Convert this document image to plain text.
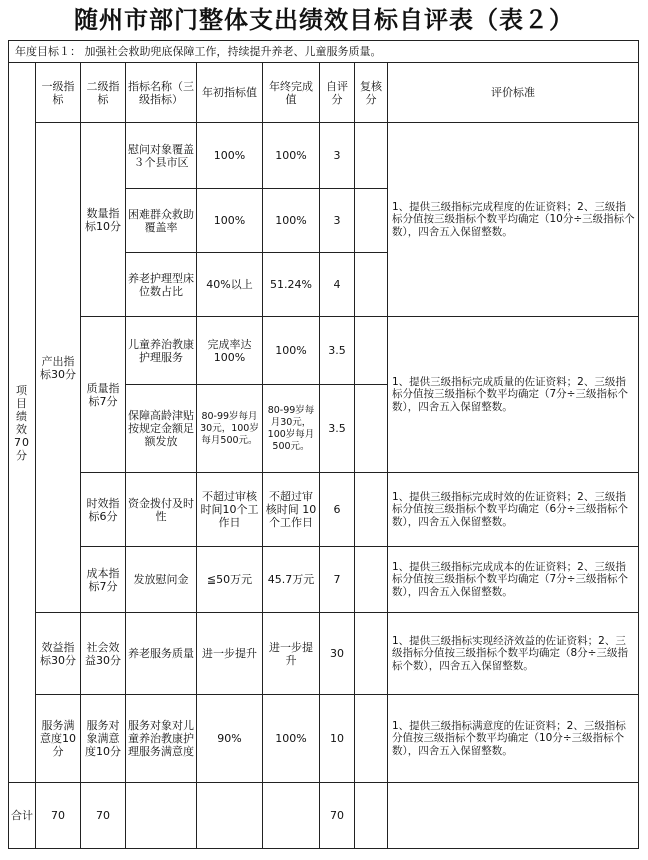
随州市部门整体支出绩效目标自评表（表２）
年度目标１： 加强社会救助兜底保障工作，持续提升养老、儿童服务质量。								
项目绩效70分	一级指标	二级指标	指标名称（三级指标）	年初指标值	年终完成值	自评分	复核分	评价标准
	产出指标30分	数量指标10分	慰问对象覆盖３个县市区	100%	100%	3		1、提供三级指标完成程度的佐证资料；2、三级指标分值按三级指标个数平均确定（10分÷三级指标个数），四舍五入保留整数。
			困难群众救助覆盖率	100%	100%	3		
			养老护理型床位数占比	40%以上	51.24%	4		
		质量指标7分	儿童养治教康护理服务	完成率达100%	100%	3.5		1、提供三级指标完成质量的佐证资料；2、三级指标分值按三级指标个数平均确定（7分÷三级指标个数），四舍五入保留整数。
			保障高龄津贴按规定金额足额发放	80-99岁每月30元，100岁每月500元。	80-99岁每月30元，100岁每月500元。	3.5		
		时效指标6分	资金拨付及时性	不超过审核时间10个工作日	不超过审核时间 10个工作日	6		1、提供三级指标完成时效的佐证资料；2、三级指标分值按三级指标个数平均确定（6分÷三级指标个数），四舍五入保留整数。
		成本指标7分	发放慰问金	≦50万元	45.7万元	7		1、提供三级指标完成成本的佐证资料；2、三级指标分值按三级指标个数平均确定（7分÷三级指标个数），四舍五入保留整数。
	效益指标30分	社会效益30分	养老服务质量	进一步提升	进一步提升	30		1、提供三级指标实现经济效益的佐证资料；2、三级指标分值按三级指标个数平均确定（8分÷三级指标个数），四舍五入保留整数。
	服务满意度10分	服务对象满意度10分	服务对象对儿童养治教康护理服务满意度	90%	100%	10		1、提供三级指标满意度的佐证资料；2、三级指标分值按三级指标个数平均确定（10分÷三级指标个数），四舍五入保留整数。
合计	70	70				70		
